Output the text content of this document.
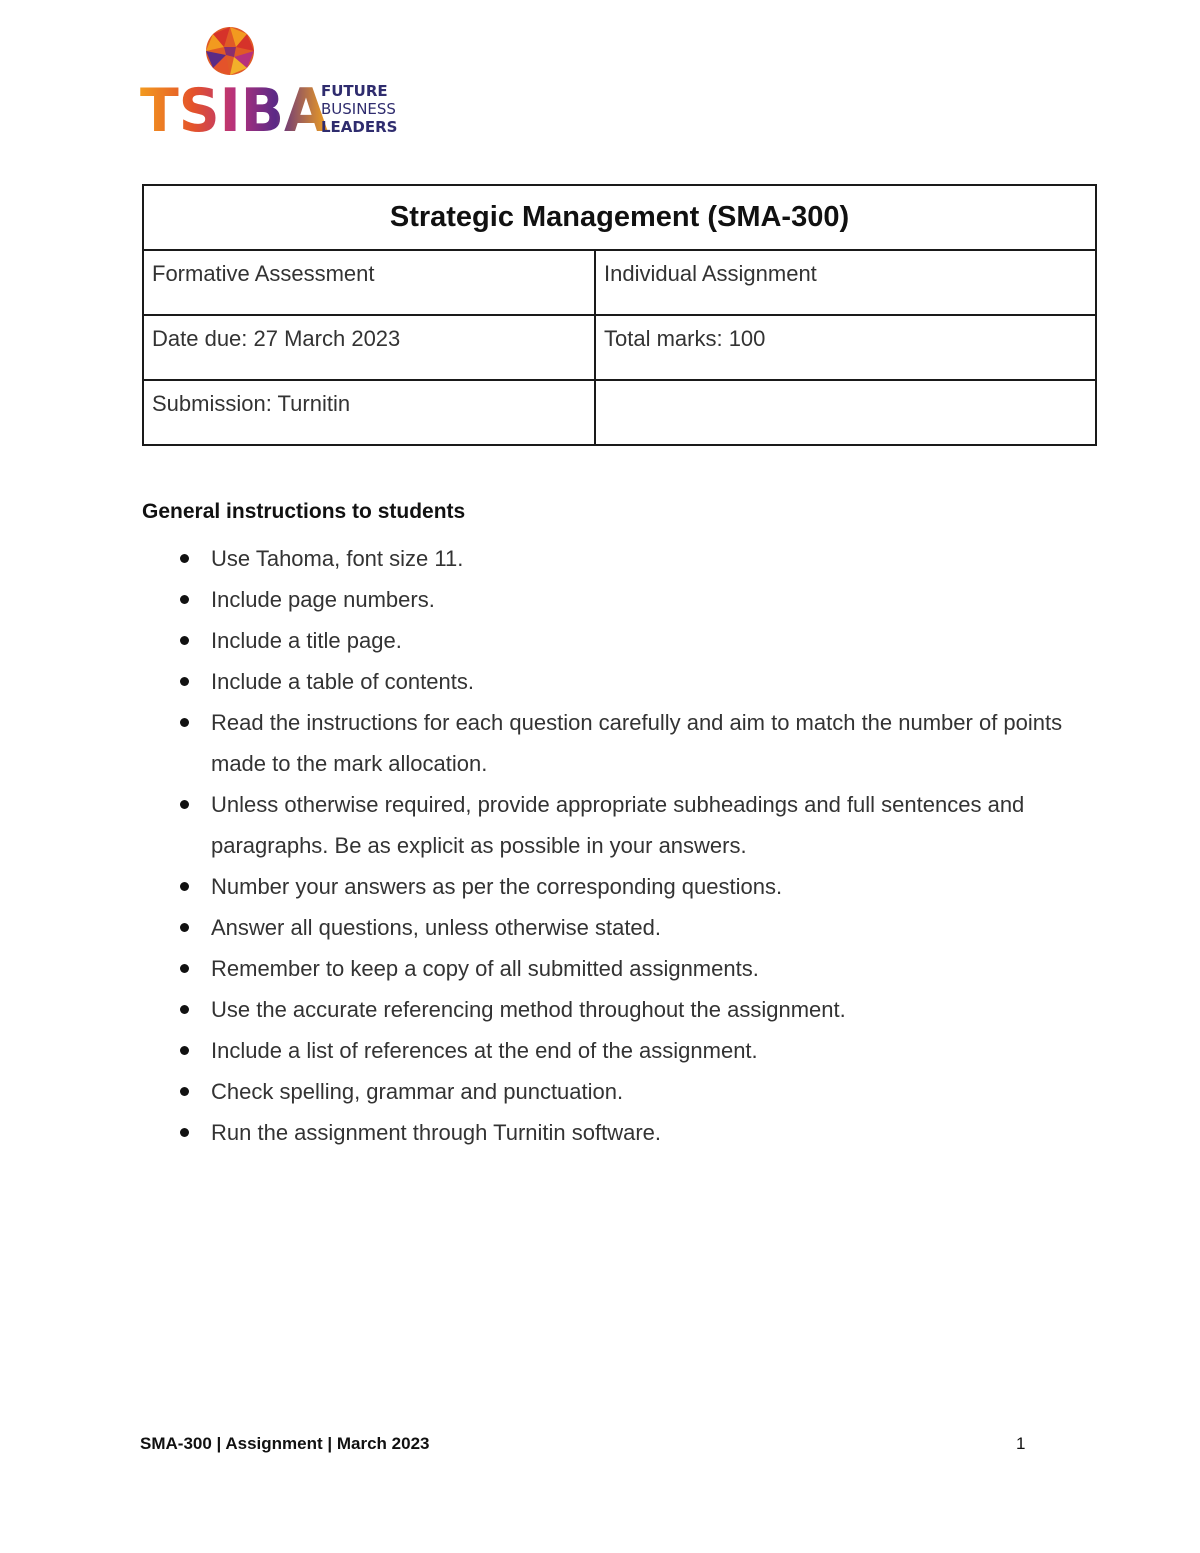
TSIBA
FUTURE
BUSINESS
LEADERS
Strategic Management (SMA-300)	
Formative Assessment	Individual Assignment
Date due: 27 March 2023	Total marks: 100
Submission: Turnitin	
General instructions to students
Use Tahoma, font size 11.
Include page numbers.
Include a title page.
Include a table of contents.
Read the instructions for each question carefully and aim to match the number of points made to the mark allocation.
Unless otherwise required, provide appropriate subheadings and full sentences and paragraphs. Be as explicit as possible in your answers.
Number your answers as per the corresponding questions.
Answer all questions, unless otherwise stated.
Remember to keep a copy of all submitted assignments.
Use the accurate referencing method throughout the assignment.
Include a list of references at the end of the assignment.
Check spelling, grammar and punctuation.
Run the assignment through Turnitin software.
SMA-300 | Assignment | March 2023	1
